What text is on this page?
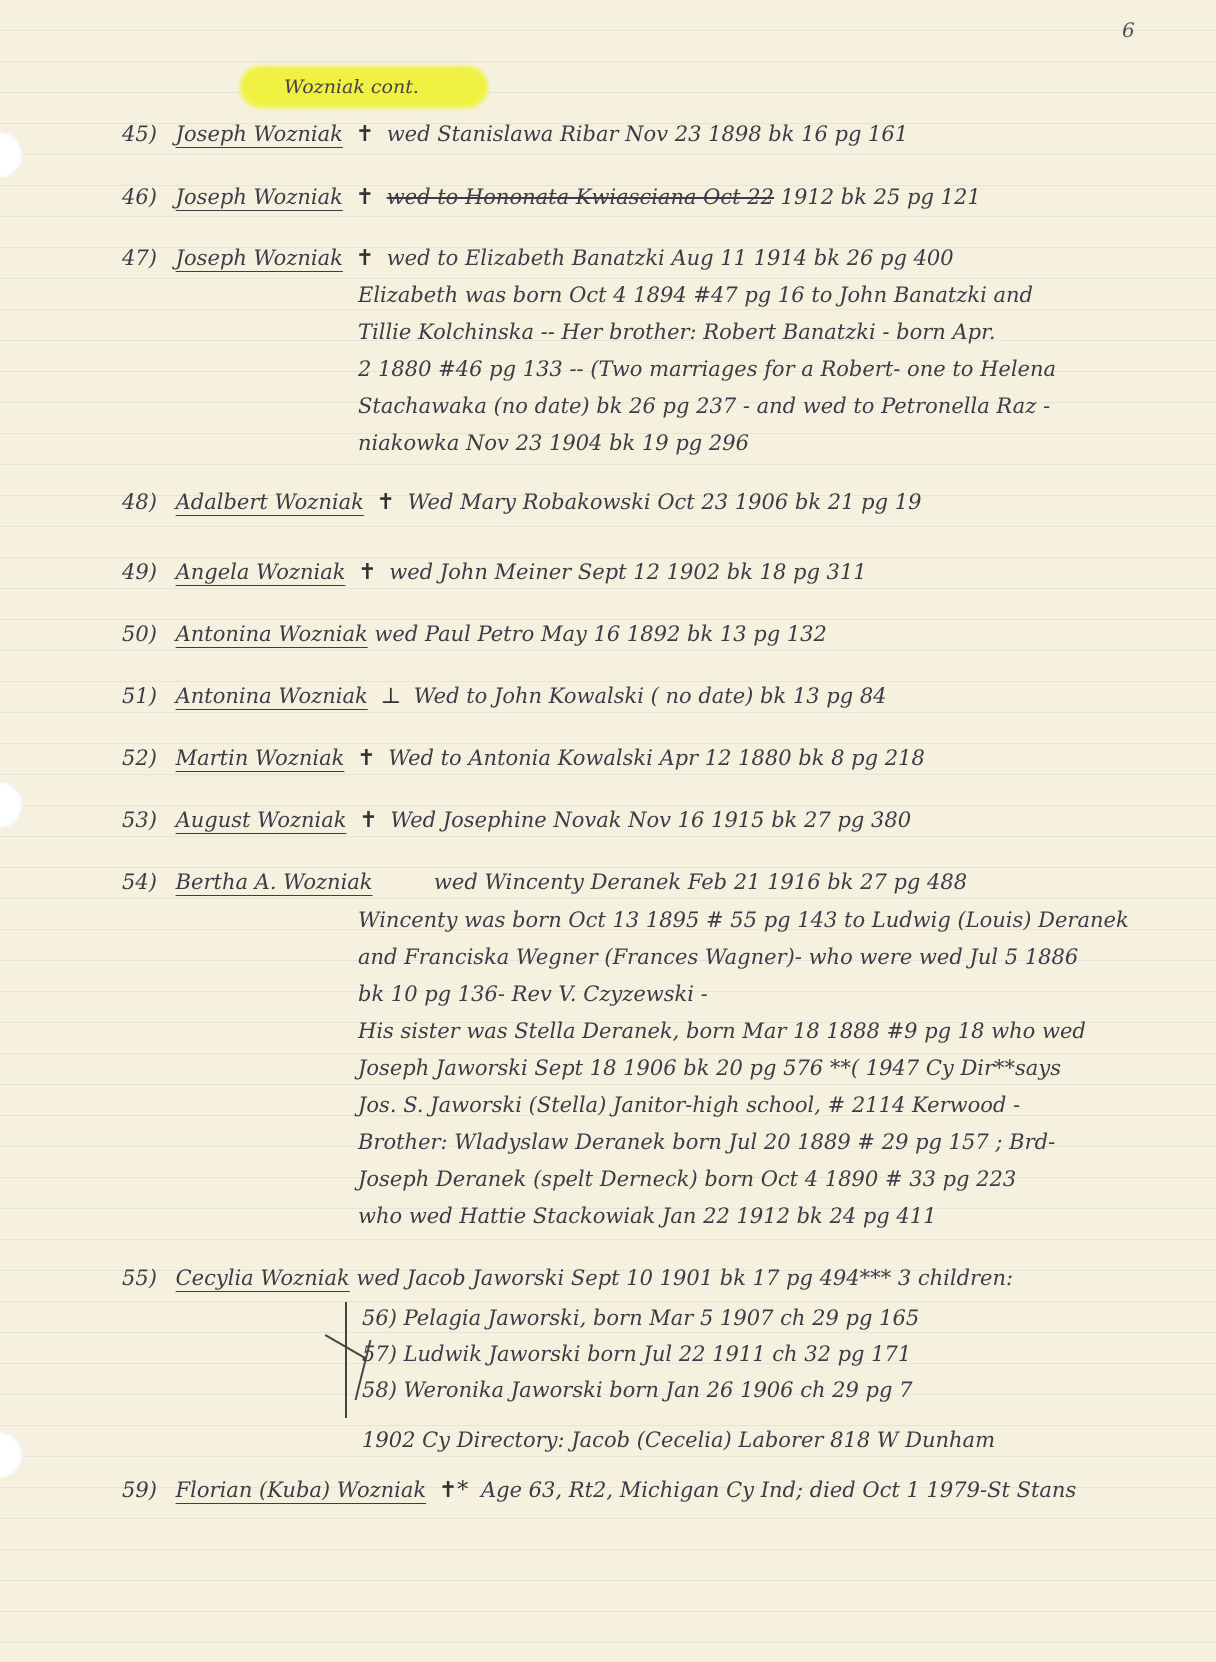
6
Wozniak cont.
45) Joseph Wozniak ✝ wed Stanislawa Ribar Nov 23 1898 bk 16 pg 161
46) Joseph Wozniak ✝ wed to Hononata Kwiasciana Oct 22 1912 bk 25 pg 121
47) Joseph Wozniak ✝ wed to Elizabeth Banatzki Aug 11 1914 bk 26 pg 400
Elizabeth was born Oct 4 1894 #47 pg 16 to John Banatzki and
Tillie Kolchinska -- Her brother: Robert Banatzki - born Apr.
2 1880 #46 pg 133 -- (Two marriages for a Robert- one to Helena
Stachawaka (no date) bk 26 pg 237 - and wed to Petronella Raz -
niakowka Nov 23 1904 bk 19 pg 296
48) Adalbert Wozniak ✝ Wed Mary Robakowski Oct 23 1906 bk 21 pg 19
49) Angela Wozniak ✝ wed John Meiner Sept 12 1902 bk 18 pg 311
50) Antonina Wozniak wed Paul Petro May 16 1892 bk 13 pg 132
51) Antonina Wozniak ⊥ Wed to John Kowalski ( no date) bk 13 pg 84
52) Martin Wozniak ✝ Wed to Antonia Kowalski Apr 12 1880 bk 8 pg 218
53) August Wozniak ✝ Wed Josephine Novak Nov 16 1915 bk 27 pg 380
54) Bertha A. Wozniak	wed Wincenty Deranek Feb 21 1916 bk 27 pg 488
Wincenty was born Oct 13 1895 # 55 pg 143 to Ludwig (Louis) Deranek
and Franciska Wegner (Frances Wagner)- who were wed Jul 5 1886
bk 10 pg 136- Rev V. Czyzewski -
His sister was Stella Deranek, born Mar 18 1888 #9 pg 18 who wed
Joseph Jaworski Sept 18 1906 bk 20 pg 576 **( 1947 Cy Dir**says
Jos. S. Jaworski (Stella) Janitor-high school, # 2114 Kerwood -
Brother: Wladyslaw Deranek born Jul 20 1889 # 29 pg 157 ; Brd-
Joseph Deranek (spelt Derneck) born Oct 4 1890 # 33 pg 223
who wed Hattie Stackowiak Jan 22 1912 bk 24 pg 411
55) Cecylia Wozniak wed Jacob Jaworski Sept 10 1901 bk 17 pg 494*** 3 children:
56) Pelagia Jaworski, born Mar 5 1907 ch 29 pg 165
57) Ludwik Jaworski born Jul 22 1911 ch 32 pg 171
58) Weronika Jaworski born Jan 26 1906 ch 29 pg 7
1902 Cy Directory: Jacob (Cecelia) Laborer 818 W Dunham
59) Florian (Kuba) Wozniak ✝* Age 63, Rt2, Michigan Cy Ind; died Oct 1 1979-St Stans
